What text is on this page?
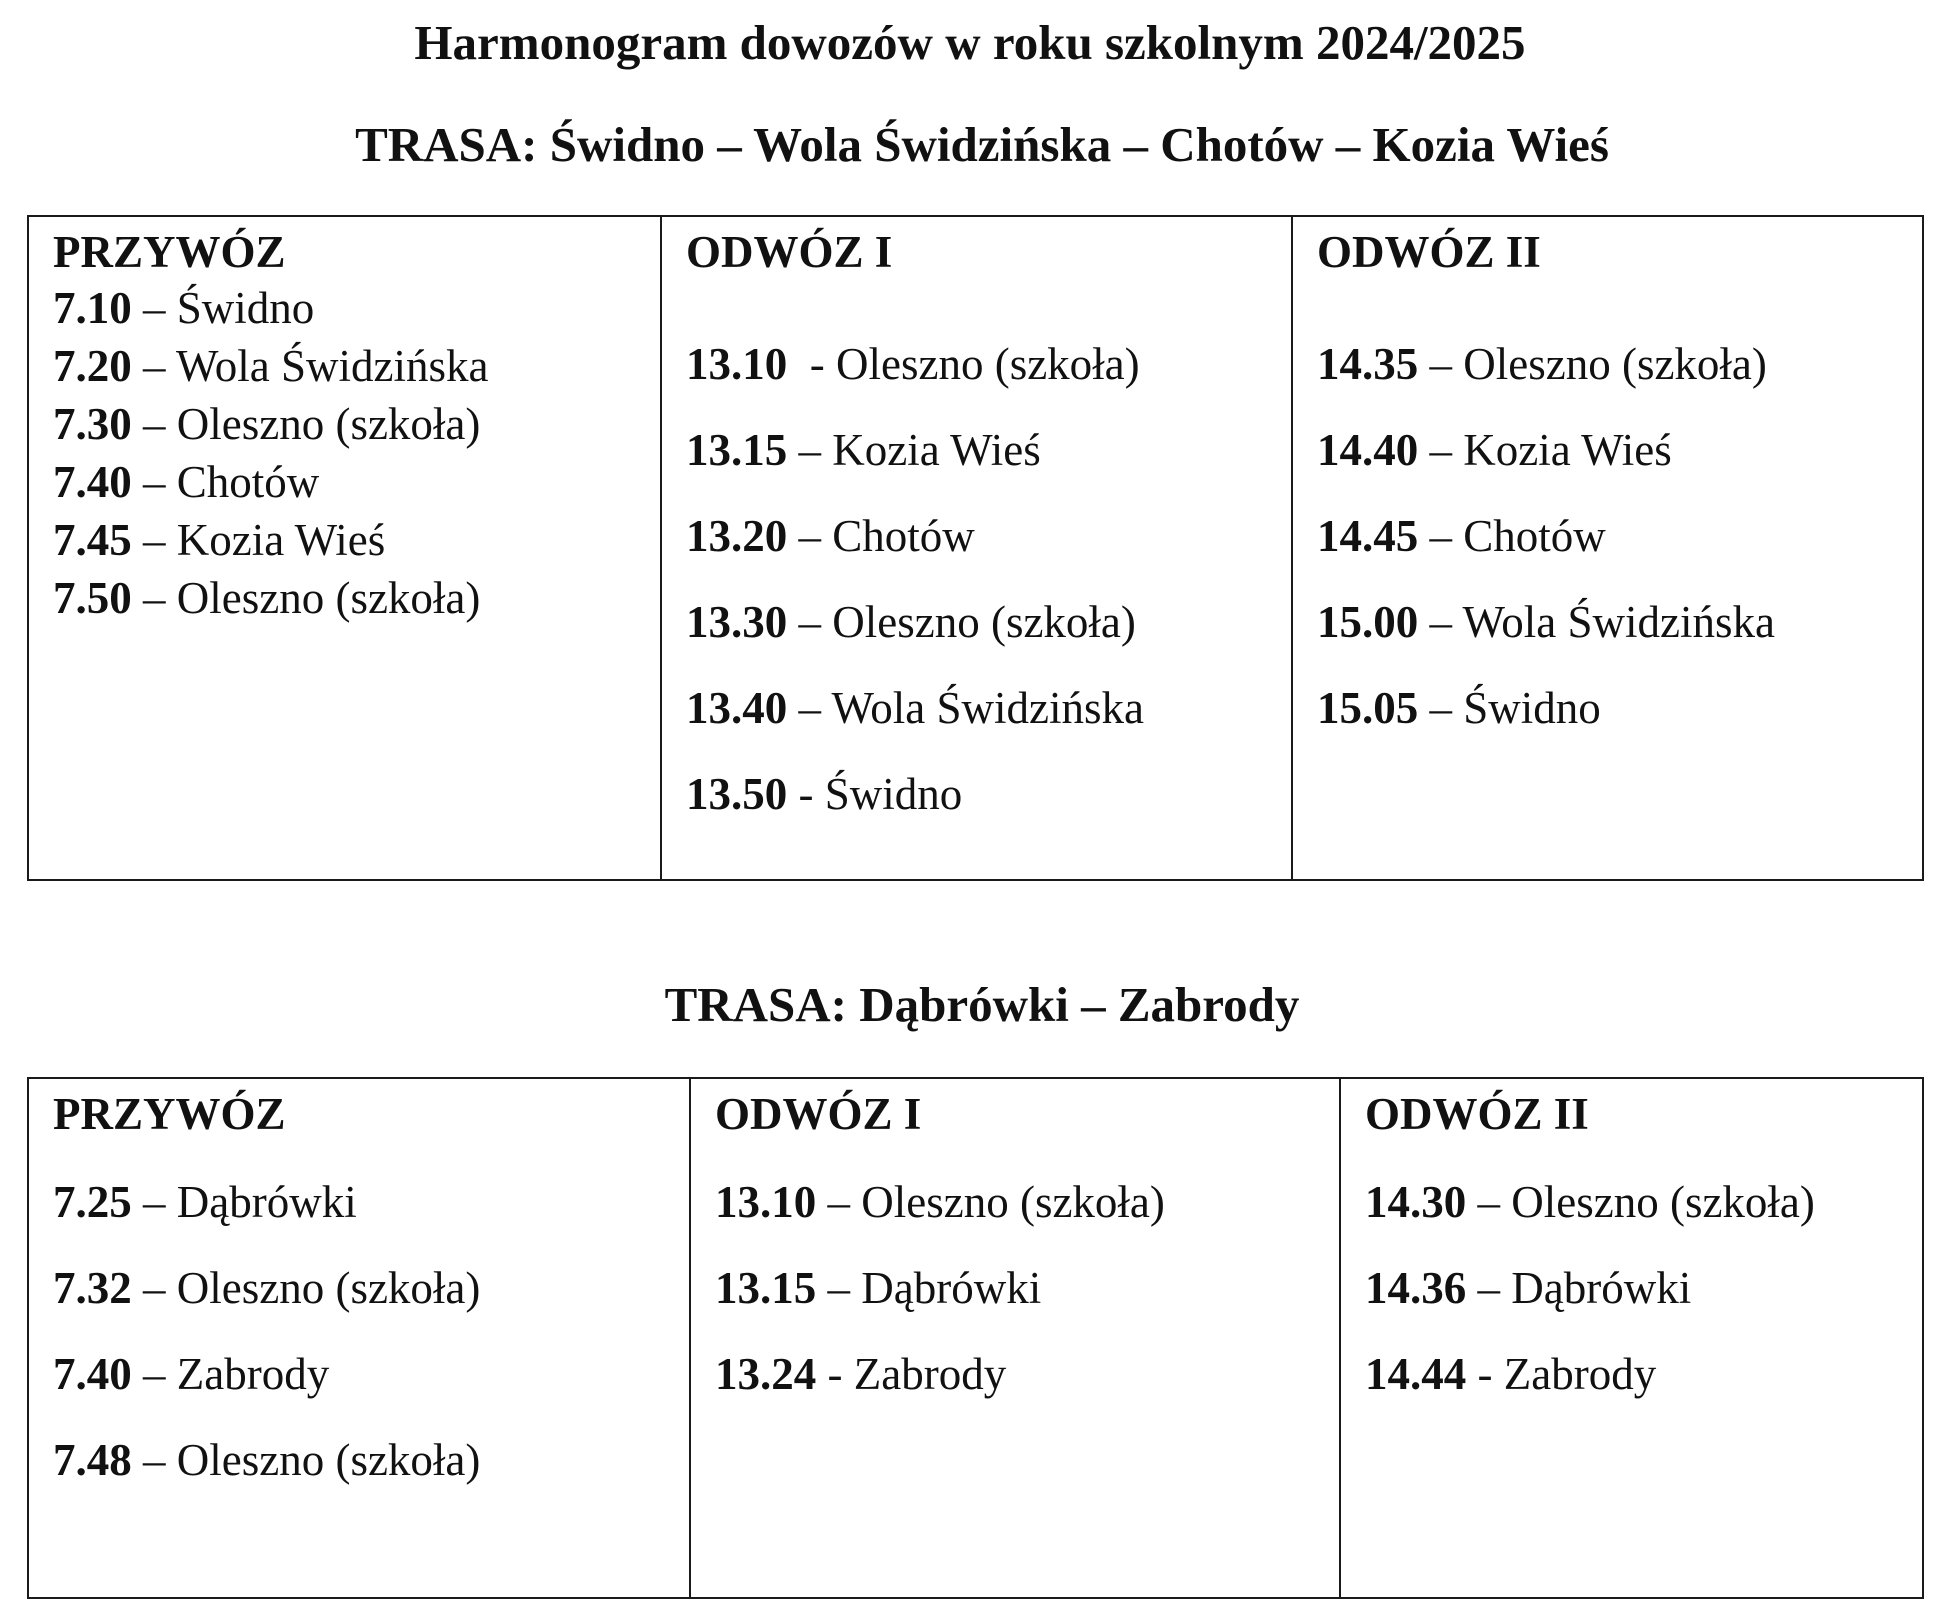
Harmonogram dowozów w roku szkolnym 2024/2025
TRASA: Świdno – Wola Świdzińska – Chotów – Kozia Wieś
PRZYWÓZ
7.10 – Świdno
7.20 – Wola Świdzińska
7.30 – Oleszno (szkoła)
7.40 – Chotów
7.45 – Kozia Wieś
7.50 – Oleszno (szkoła)

ODWÓZ I
13.10  - Oleszno (szkoła)
13.15 – Kozia Wieś
13.20 – Chotów
13.30 – Oleszno (szkoła)
13.40 – Wola Świdzińska
13.50 - Świdno

ODWÓZ II
14.35 – Oleszno (szkoła)
14.40 – Kozia Wieś
14.45 – Chotów
15.00 – Wola Świdzińska
15.05 – Świdno
TRASA: Dąbrówki – Zabrody
PRZYWÓZ
7.25 – Dąbrówki
7.32 – Oleszno (szkoła)
7.40 – Zabrody
7.48 – Oleszno (szkoła)

ODWÓZ I
13.10 – Oleszno (szkoła)
13.15 – Dąbrówki
13.24 - Zabrody

ODWÓZ II
14.30 – Oleszno (szkoła)
14.36 – Dąbrówki
14.44 - Zabrody
